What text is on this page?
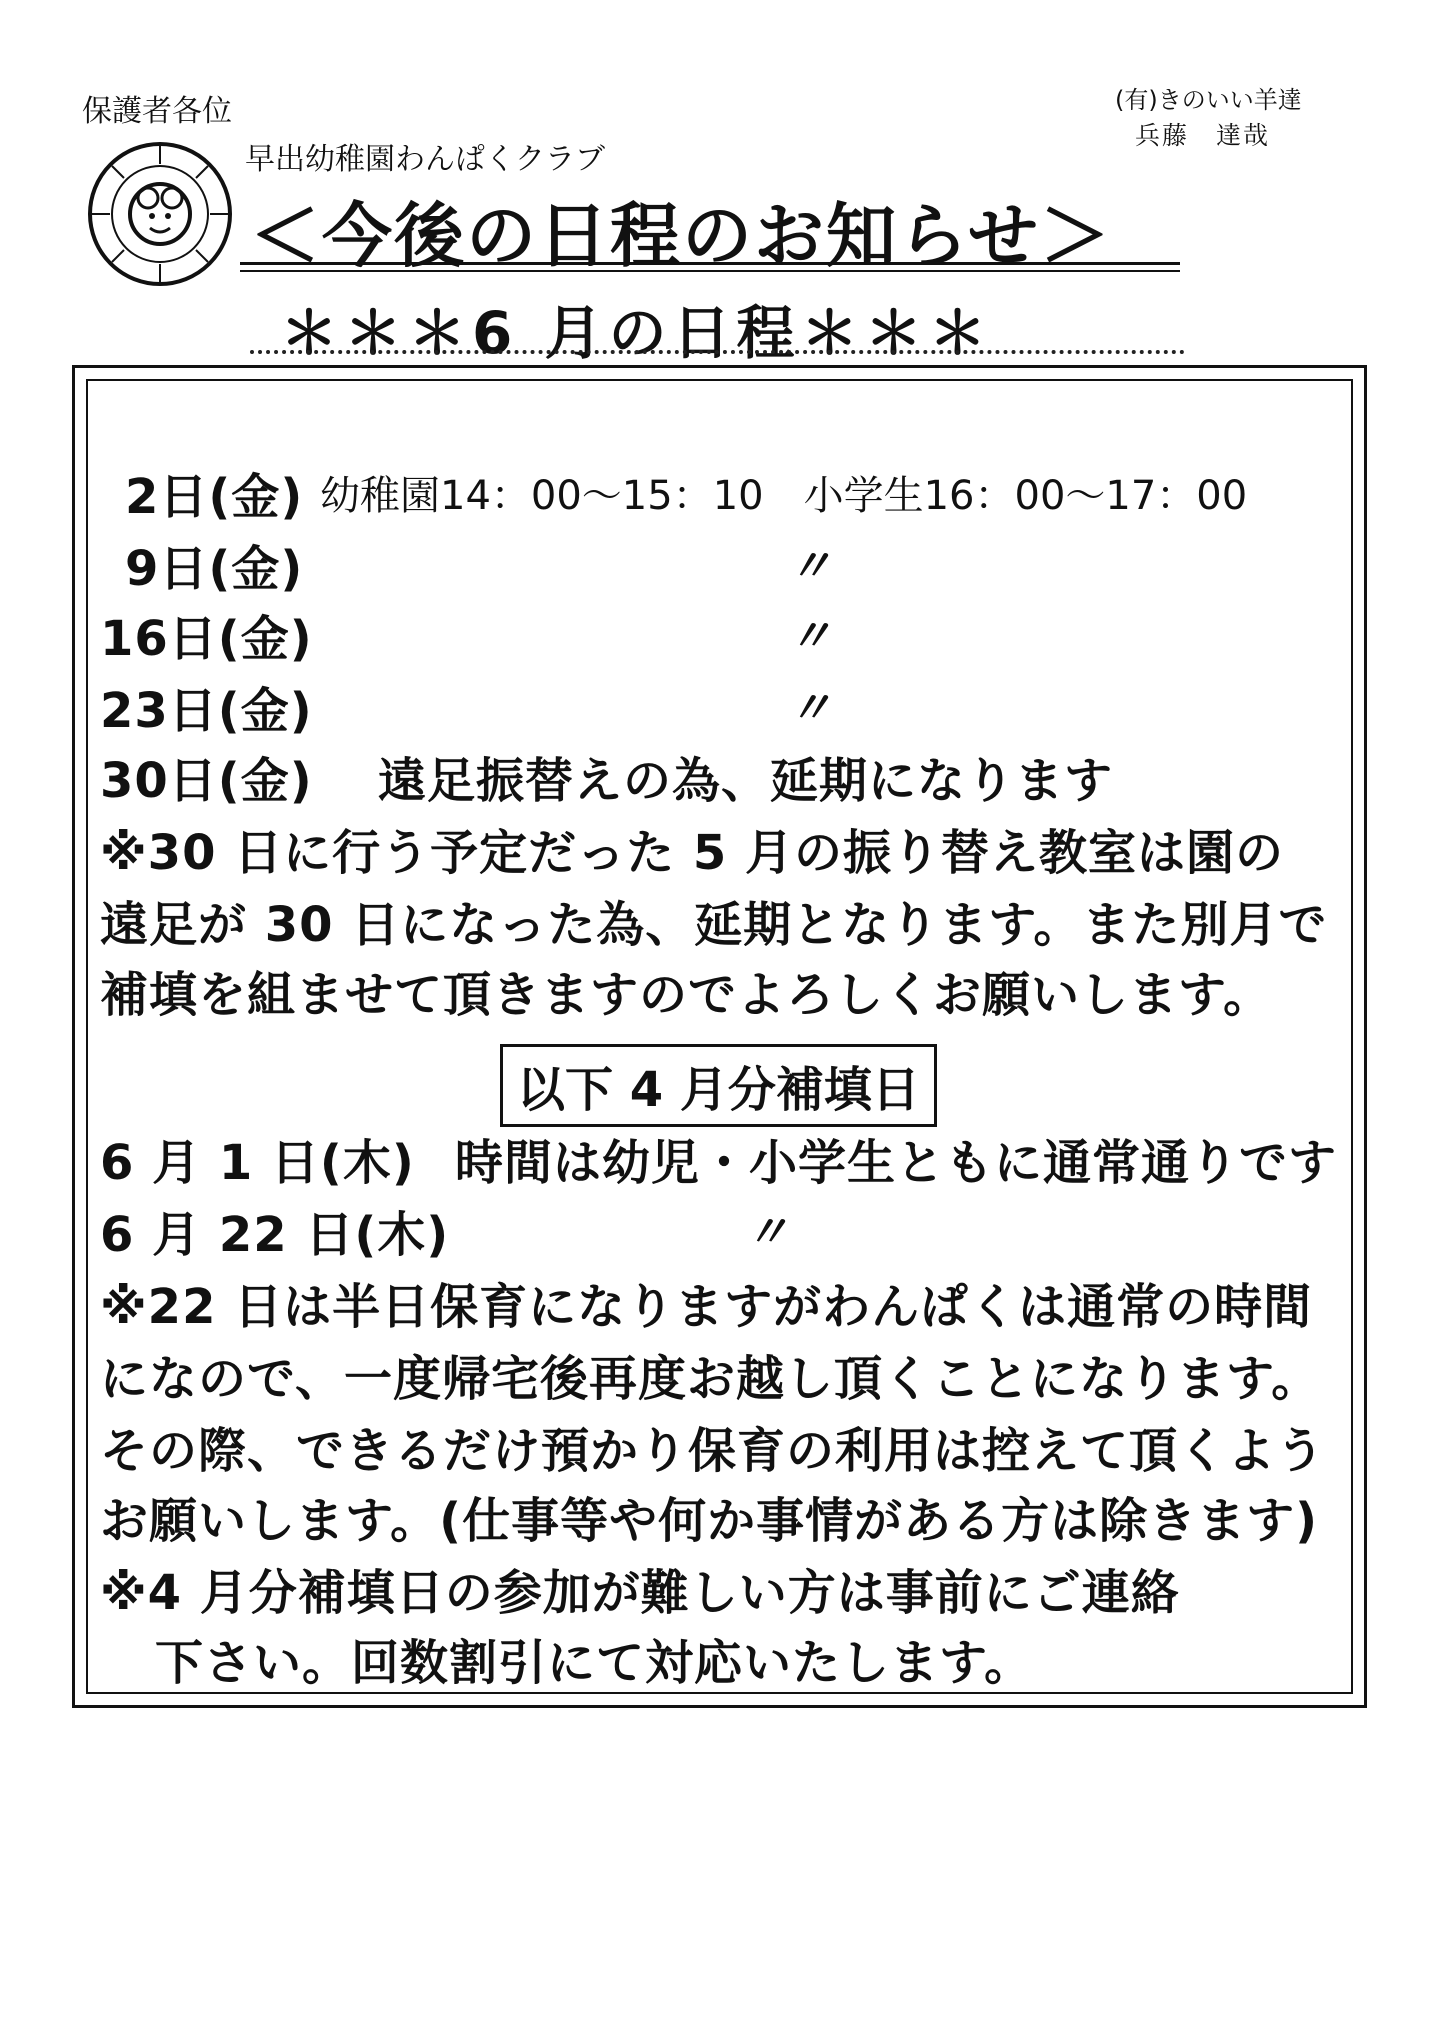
保護者各位	(有)きのいい羊達
兵藤　達哉
早出幼稚園わんぱくクラブ
＜今後の日程のお知らせ＞
＊＊＊6 月の日程＊＊＊
2日(金) 幼稚園14：00～15：10　小学生16：00～17：00
9日(金)	〃
16日(金)	〃
23日(金)	〃
30日(金) 遠足振替えの為、延期になります
※30 日に行う予定だった 5 月の振り替え教室は園の
遠足が 30 日になった為、延期となります。また別月で
補填を組ませて頂きますのでよろしくお願いします。
以下 4 月分補填日
6 月 1 日(木) 時間は幼児・小学生ともに通常通りです
6 月 22 日(木)	〃
※22 日は半日保育になりますがわんぱくは通常の時間
になので、一度帰宅後再度お越し頂くことになります。
その際、できるだけ預かり保育の利用は控えて頂くよう
お願いします。(仕事等や何か事情がある方は除きます)
※4 月分補填日の参加が難しい方は事前にご連絡
下さい。回数割引にて対応いたします。
